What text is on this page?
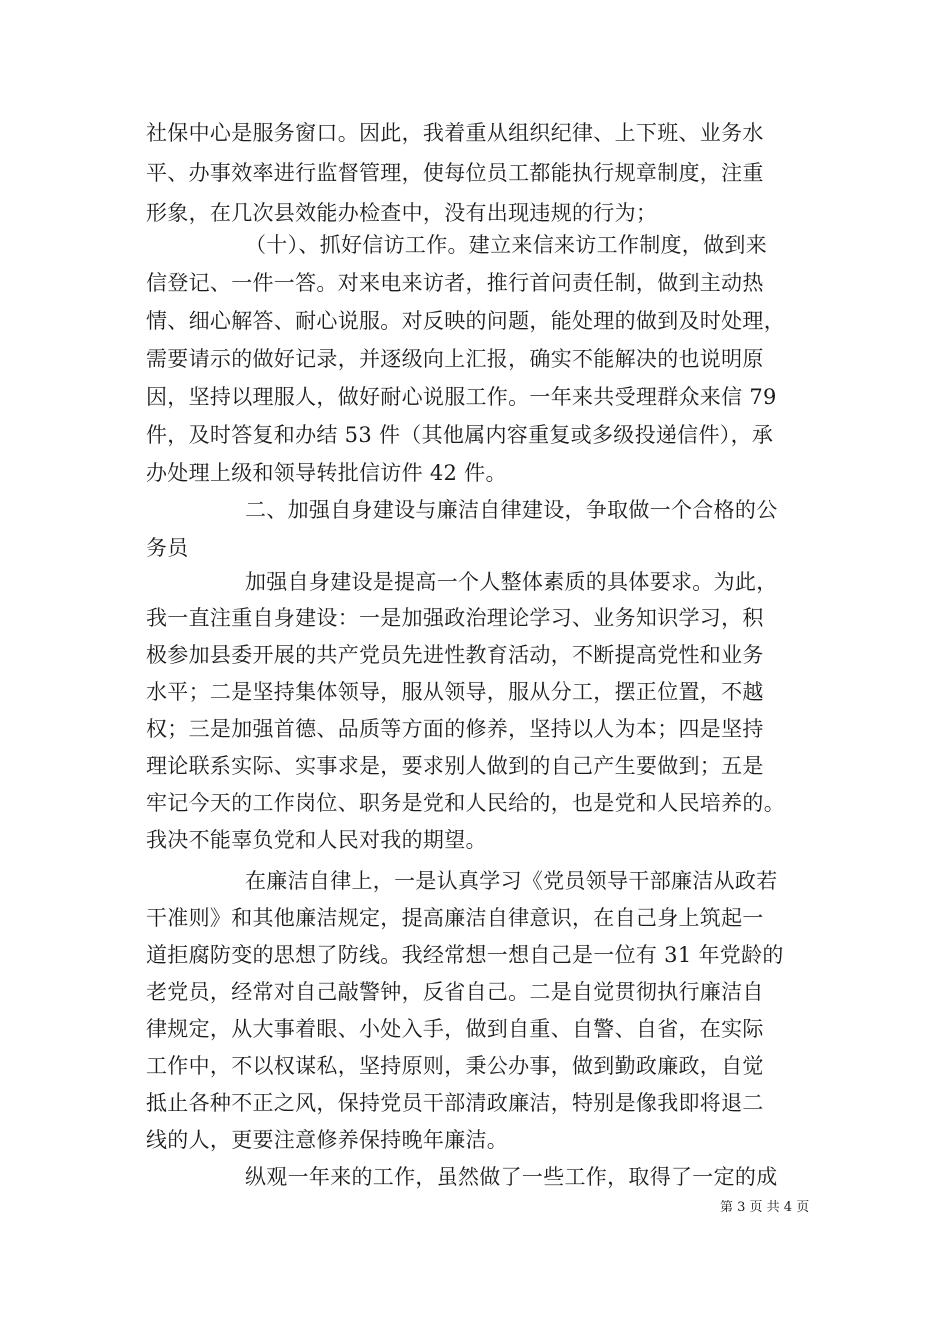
社保中心是服务窗口。因此，我着重从组织纪律、上下班、业务水
平、办事效率进行监督管理，使每位员工都能执行规章制度，注重
形象，在几次县效能办检查中，没有出现违规的行为；
（十）、抓好信访工作。建立来信来访工作制度，做到来
信登记、一件一答。对来电来访者，推行首问责任制，做到主动热
情、细心解答、耐心说服。对反映的问题，能处理的做到及时处理，
需要请示的做好记录，并逐级向上汇报，确实不能解决的也说明原
因，坚持以理服人，做好耐心说服工作。一年来共受理群众来信 79
件，及时答复和办结 53 件（其他属内容重复或多级投递信件），承
办处理上级和领导转批信访件 42 件。
二、加强自身建设与廉洁自律建设，争取做一个合格的公
务员
加强自身建设是提高一个人整体素质的具体要求。为此，
我一直注重自身建设：一是加强政治理论学习、业务知识学习，积
极参加县委开展的共产党员先进性教育活动，不断提高党性和业务
水平；二是坚持集体领导，服从领导，服从分工，摆正位置，不越
权；三是加强首德、品质等方面的修养，坚持以人为本；四是坚持
理论联系实际、实事求是，要求别人做到的自己产生要做到；五是
牢记今天的工作岗位、职务是党和人民给的，也是党和人民培养的。
我决不能辜负党和人民对我的期望。
在廉洁自律上，一是认真学习《党员领导干部廉洁从政若
干准则》和其他廉洁规定，提高廉洁自律意识，在自己身上筑起一
道拒腐防变的思想了防线。我经常想一想自己是一位有 31 年党龄的
老党员，经常对自己敲警钟，反省自己。二是自觉贯彻执行廉洁自
律规定，从大事着眼、小处入手，做到自重、自警、自省，在实际
工作中，不以权谋私，坚持原则，秉公办事，做到勤政廉政，自觉
抵止各种不正之风，保持党员干部清政廉洁，特别是像我即将退二
线的人，更要注意修养保持晚年廉洁。
纵观一年来的工作，虽然做了一些工作，取得了一定的成
第 3 页 共 4 页
